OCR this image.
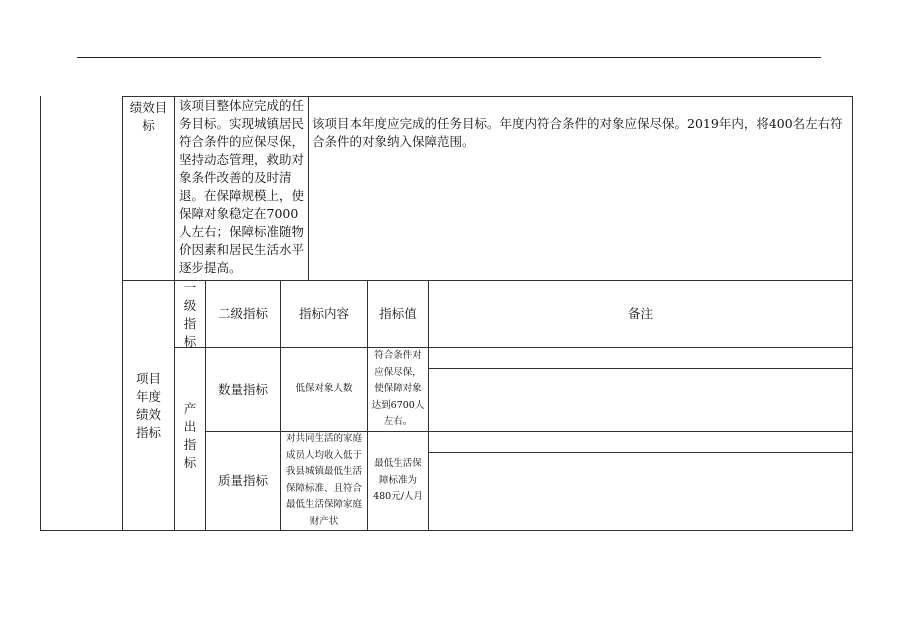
绩效目标
该项目整体应完成的任务目标。实现城镇居民符合条件的应保尽保，坚持动态管理，救助对象条件改善的及时清退。在保障规模上，使保障对象稳定在7000人左右；保障标准随物价因素和居民生活水平逐步提高。
该项目本年度应完成的任务目标。年度内符合条件的对象应保尽保。2019年内，将400名左右符合条件的对象纳入保障范围。
项目年度绩效指标
一级指标
二级指标 指标内容 指标值	备注
产出指标
数量指标	低保对象人数
符合条件对应保尽保，使保障对象达到6700人左右。
质量指标
对共同生活的家庭成员人均收入低于我县城镇最低生活保障标准、且符合最低生活保障家庭财产状
最低生活保障标准为480元/人月
